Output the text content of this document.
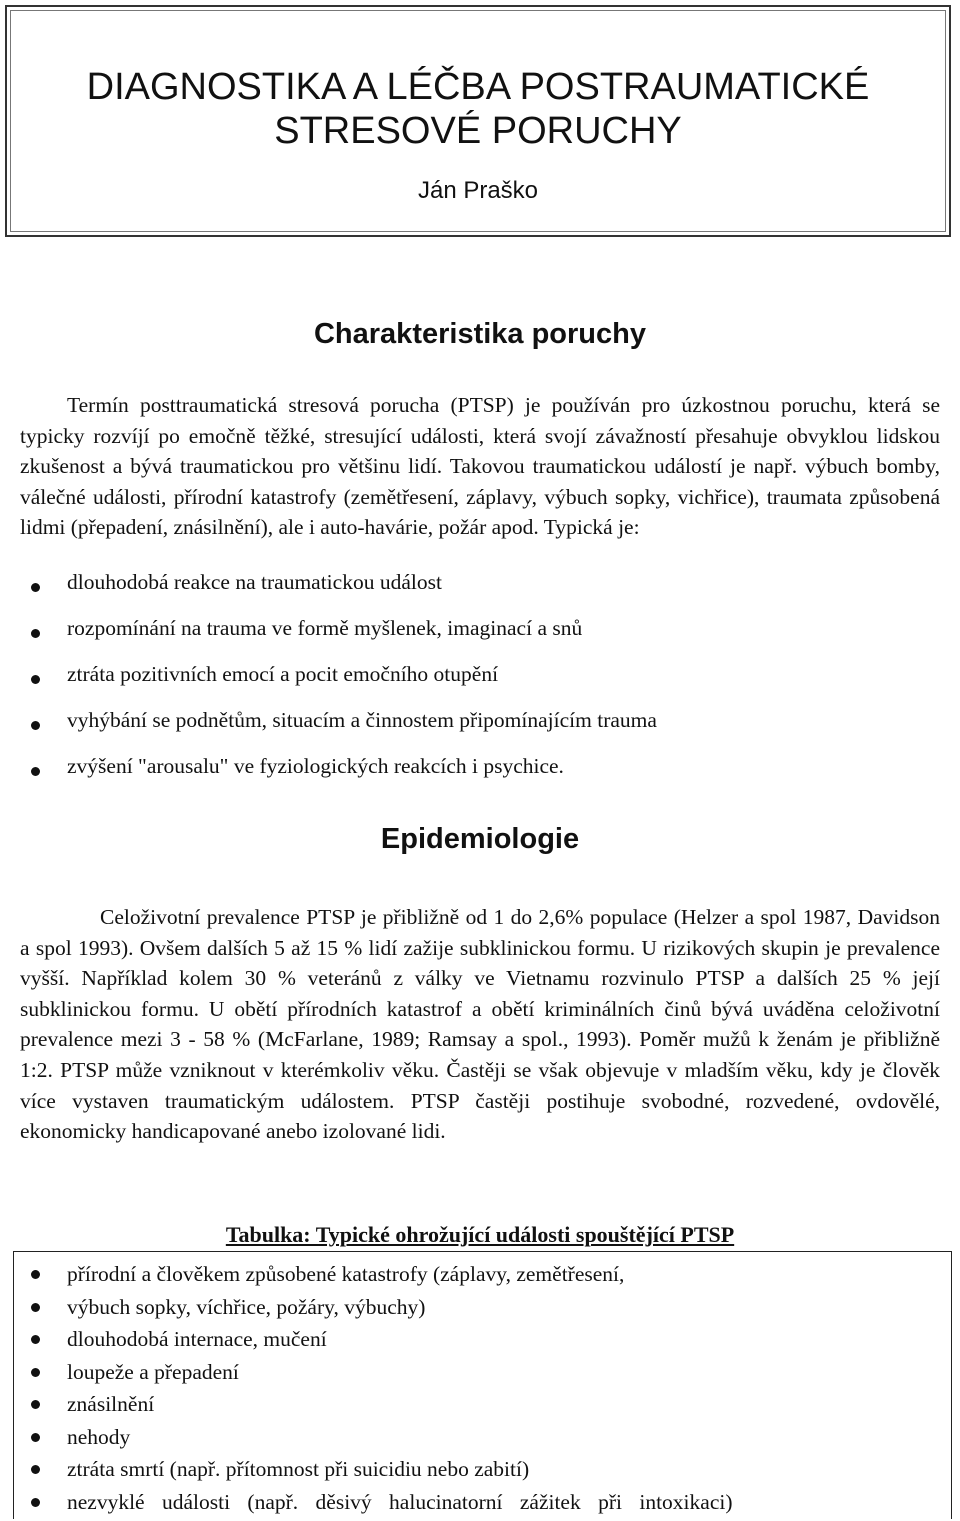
DIAGNOSTIKA A LÉČBA POSTRAUMATICKÉ
STRESOVÉ PORUCHY
Ján Praško
Charakteristika poruchy

Termín posttraumatická stresová porucha (PTSP) je používán pro úzkostnou poruchu, která se typicky rozvíjí po emočně těžké, stresující události, která svojí závažností přesahuje obvyklou lidskou zkušenost a bývá traumatickou pro většinu lidí. Takovou traumatickou událostí je např. výbuch bomby, válečné události, přírodní katastrofy (zemětřesení, záplavy, výbuch sopky, vichřice), traumata způsobená lidmi (přepadení, znásilnění), ale i auto-havárie, požár apod. Typická je:

dlouhodobá reakce na traumatickou událost
rozpomínání na trauma ve formě myšlenek, imaginací a snů
ztráta pozitivních emocí a pocit emočního otupění
vyhýbání se podnětům, situacím a činnostem připomínajícím trauma
zvýšení "arousalu" ve fyziologických reakcích i psychice.
Epidemiologie

Celoživotní prevalence PTSP je přibližně od 1 do 2,6% populace (Helzer a spol 1987, Davidson a spol 1993). Ovšem dalších 5 až 15 % lidí zažije subklinickou formu. U rizikových skupin je prevalence vyšší. Například kolem 30 % veteránů z války ve Vietnamu rozvinulo PTSP a dalších 25 % její subklinickou formu. U obětí přírodních katastrof a obětí kriminálních činů bývá uváděna celoživotní prevalence mezi 3 - 58 % (McFarlane, 1989; Ramsay a spol., 1993). Poměr mužů k ženám je přibližně 1:2. PTSP může vzniknout v kterémkoliv věku. Častěji se však objevuje v mladším věku, kdy je člověk více vystaven traumatickým událostem. PTSP častěji postihuje svobodné, rozvedené, ovdovělé, ekonomicky handicapované anebo izolované lidi.

Tabulka: Typické ohrožující události spouštějící PTSP
přírodní a člověkem způsobené katastrofy (záplavy, zemětřesení,
výbuch sopky, víchřice, požáry, výbuchy)
dlouhodobá internace, mučení
loupeže a přepadení
znásilnění
nehody
ztráta smrtí (např. přítomnost při suicidiu nebo zabití)
nezvyklé události (např. děsivý halucinatorní zážitek při intoxikaci)
